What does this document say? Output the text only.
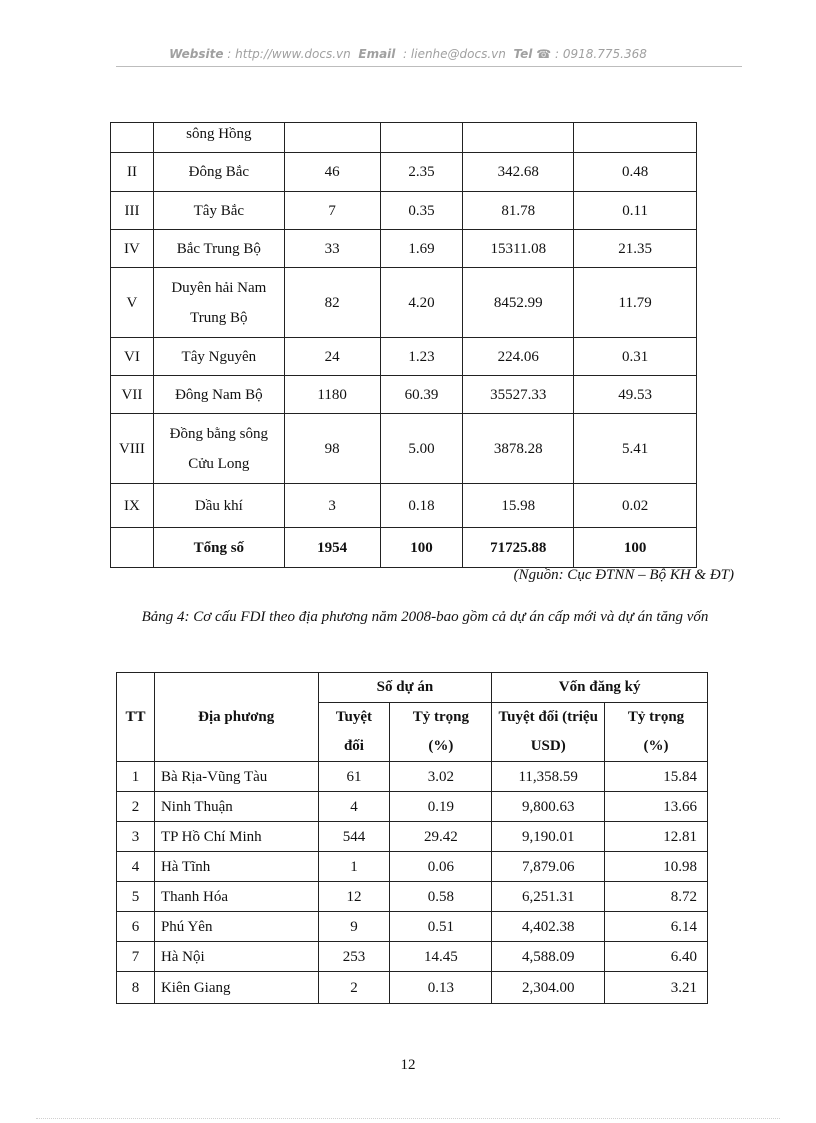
Website : http://www.docs.vn Email : lienhe@docs.vn Tel ☎ : 0918.775.368
	sông Hồng				
II	Đông Bắc	46	2.35	342.68	0.48
III	Tây Bắc	7	0.35	81.78	0.11
IV	Bắc Trung Bộ	33	1.69	15311.08	21.35
V	Duyên hải Nam Trung Bộ	82	4.20	8452.99	11.79
VI	Tây Nguyên	24	1.23	224.06	0.31
VII	Đông Nam Bộ	1180	60.39	35527.33	49.53
VIII	Đồng bằng sông Cửu Long	98	5.00	3878.28	5.41
IX	Dầu khí	3	0.18	15.98	0.02
	Tổng số	1954	100	71725.88	100
(Nguồn: Cục ĐTNN – Bộ KH & ĐT)
Bảng 4: Cơ cấu FDI theo địa phương năm 2008-bao gồm cả dự án cấp mới và dự án tăng vốn
TT	Địa phương	Số dự án		Vốn đăng ký	
		Tuyệt đối	Tỷ trọng (%)	Tuyệt đối (triệu USD)	Tỷ trọng (%)
1	Bà Rịa-Vũng Tàu	61	3.02	11,358.59	15.84
2	Ninh Thuận	4	0.19	9,800.63	13.66
3	TP Hồ Chí Minh	544	29.42	9,190.01	12.81
4	Hà Tĩnh	1	0.06	7,879.06	10.98
5	Thanh Hóa	12	0.58	6,251.31	8.72
6	Phú Yên	9	0.51	4,402.38	6.14
7	Hà Nội	253	14.45	4,588.09	6.40
8	Kiên Giang	2	0.13	2,304.00	3.21
12
